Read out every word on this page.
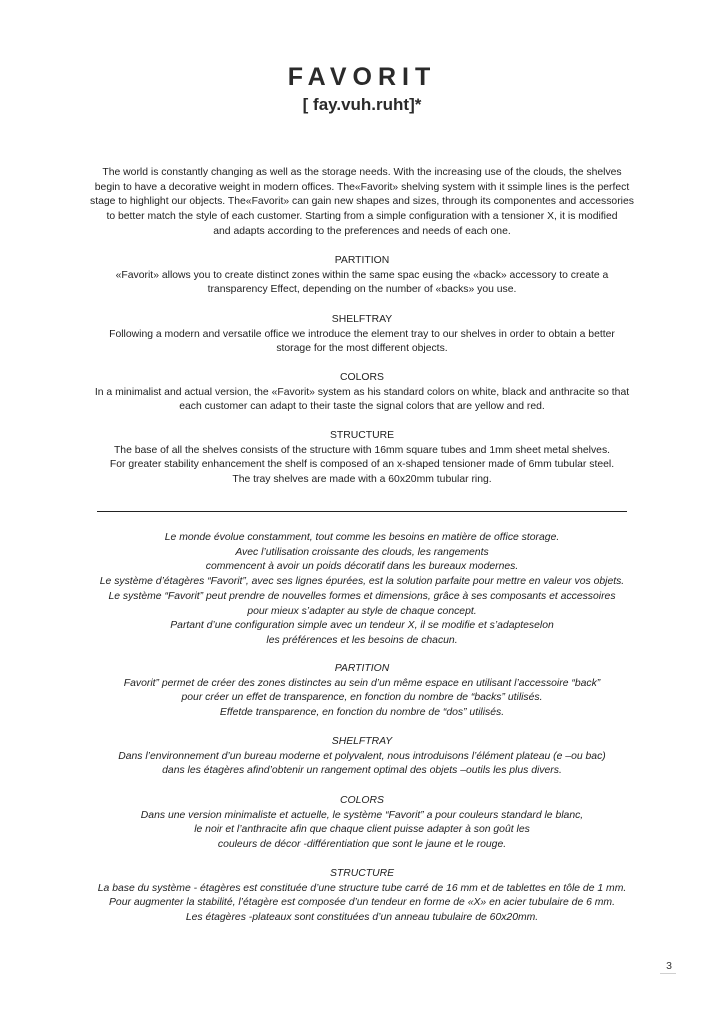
FAVORIT
[ fay.vuh.ruht]*

The world is constantly changing as well as the storage needs. With the increasing use of the clouds, the shelves

begin to have a decorative weight in modern offices. The«Favorit» shelving system with it ssimple lines is the perfect

stage to highlight our objects. The«Favorit» can gain new shapes and sizes, through its componentes and accessories

to better match the style of each customer. Starting from a simple configuration with a tensioner X, it is modified

and adapts according to the preferences and needs of each one.

PARTITION

«Favorit» allows you to create distinct zones within the same spac eusing the «back» accessory to create a

transparency Effect, depending on the number of «backs» you use.

SHELFTRAY

Following a modern and versatile office we introduce the element tray to our shelves in order to obtain a better

storage for the most different objects.

COLORS

In a minimalist and actual version, the «Favorit» system as his standard colors on white, black and anthracite so that

each customer can adapt to their taste the signal colors that are yellow and red.

STRUCTURE

The base of all the shelves consists of the structure with 16mm square tubes and 1mm sheet metal shelves.

For greater stability enhancement the shelf is composed of an x-shaped tensioner made of 6mm tubular steel.

The tray shelves are made with a 60x20mm tubular ring.

Le monde évolue constamment, tout comme les besoins en matière de office storage.

Avec l’utilisation croissante des clouds, les rangements

commencent à avoir un poids décoratif dans les bureaux modernes.

Le système d’étagères “Favorit”, avec ses lignes épurées, est la solution parfaite pour mettre en valeur vos objets.

Le système “Favorit” peut prendre de nouvelles formes et dimensions, grâce à ses composants et accessoires

pour mieux s’adapter au style de chaque concept.

Partant d’une configuration simple avec un tendeur X, il se modifie et s’adapteselon

les préférences et les besoins de chacun.

PARTITION

Favorit” permet de créer des zones distinctes au sein d’un même espace en utilisant l’accessoire “back”

pour créer un effet de transparence, en fonction du nombre de “backs” utilisés.

Effetde transparence, en fonction du nombre de “dos” utilisés.

SHELFTRAY

Dans l’environnement d’un bureau moderne et polyvalent, nous introduisons l’élément plateau (e –ou bac)

dans les étagères afind’obtenir un rangement optimal des objets –outils les plus divers.

COLORS

Dans une version minimaliste et actuelle, le système “Favorit” a pour couleurs standard le blanc,

le noir et l’anthracite afin que chaque client puisse adapter à son goût les

couleurs de décor -différentiation que sont le jaune et le rouge.

STRUCTURE

La base du système - étagères est constituée d’une structure tube carré de 16 mm et de tablettes en tôle de 1 mm.

Pour augmenter la stabilité, l’étagère est composée d’un tendeur en forme de «X» en acier tubulaire de 6 mm.

Les étagères -plateaux sont constituées d’un anneau tubulaire de 60x20mm.

3
